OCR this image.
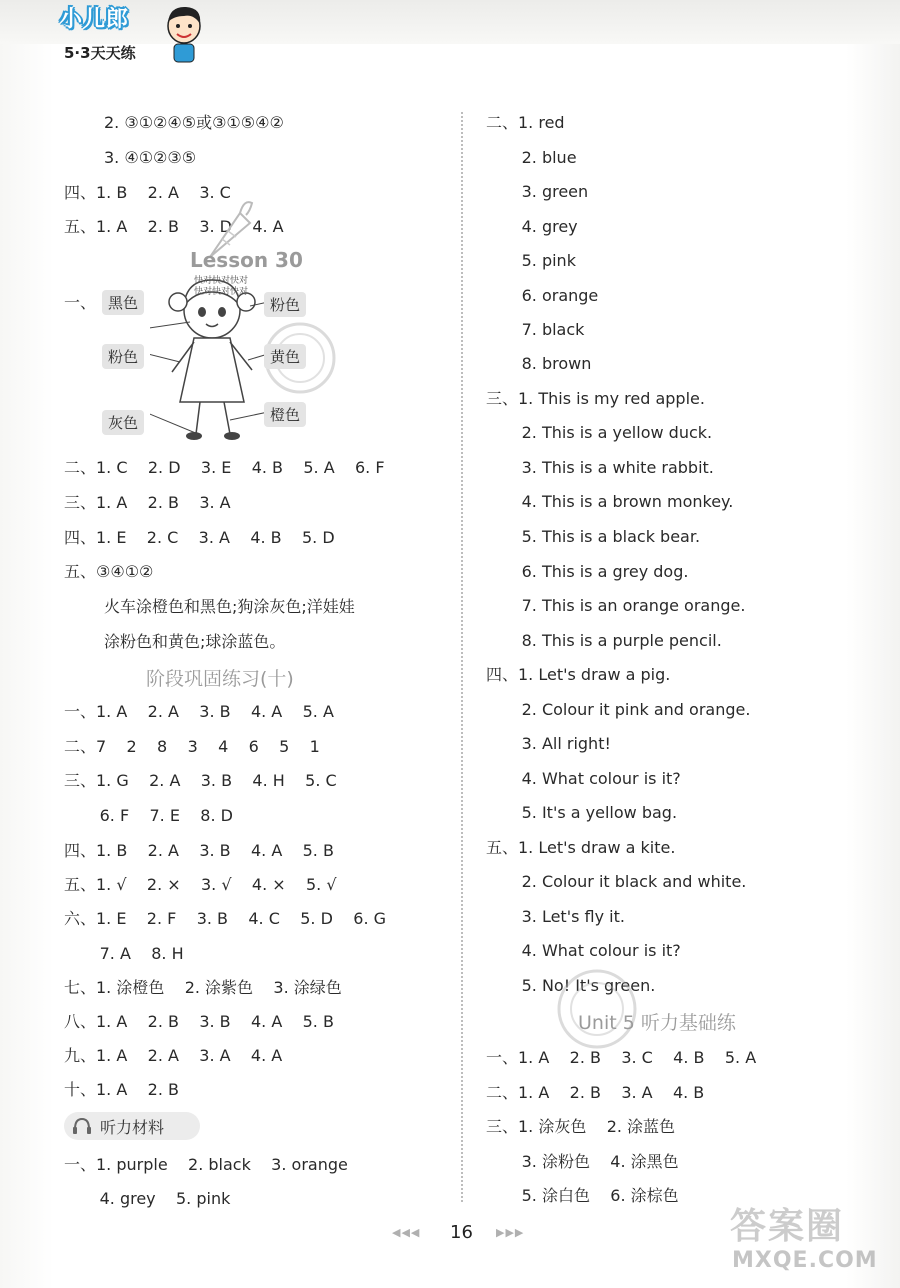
小儿郎
5·3天天练
2. ③①②④⑤或③①⑤④②
3. ④①②③⑤
四、1. B    2. A    3. C
五、1. A    2. B    3. D    4. A
Lesson 30
一、
快对快对快对
快对快对快对
黑色
粉色
灰色
粉色
黄色
橙色
二、1. C    2. D    3. E    4. B    5. A    6. F
三、1. A    2. B    3. A
四、1. E    2. C    3. A    4. B    5. D
五、③④①②
火车涂橙色和黑色;狗涂灰色;洋娃娃
涂粉色和黄色;球涂蓝色。
阶段巩固练习(十)
一、1. A    2. A    3. B    4. A    5. A
二、7    2    8    3    4    6    5    1
三、1. G    2. A    3. B    4. H    5. C
6. F    7. E    8. D
四、1. B    2. A    3. B    4. A    5. B
五、1. √    2. ×    3. √    4. ×    5. √
六、1. E    2. F    3. B    4. C    5. D    6. G
7. A    8. H
七、1. 涂橙色    2. 涂紫色    3. 涂绿色
八、1. A    2. B    3. B    4. A    5. B
九、1. A    2. A    3. A    4. A
十、1. A    2. B
听力材料
一、1. purple    2. black    3. orange
4. grey    5. pink
二、1. red
2. blue
3. green
4. grey
5. pink
6. orange
7. black
8. brown
三、1. This is my red apple.
2. This is a yellow duck.
3. This is a white rabbit.
4. This is a brown monkey.
5. This is a black bear.
6. This is a grey dog.
7. This is an orange orange.
8. This is a purple pencil.
四、1. Let's draw a pig.
2. Colour it pink and orange.
3. All right!
4. What colour is it?
5. It's a yellow bag.
五、1. Let's draw a kite.
2. Colour it black and white.
3. Let's fly it.
4. What colour is it?
5. No! It's green.
Unit 5 听力基础练
一、1. A    2. B    3. C    4. B    5. A
二、1. A    2. B    3. A    4. B
三、1. 涂灰色    2. 涂蓝色
3. 涂粉色    4. 涂黑色
5. 涂白色    6. 涂棕色
◀◀◀ 16 ▶▶▶	答案圈
MXQE.COM
